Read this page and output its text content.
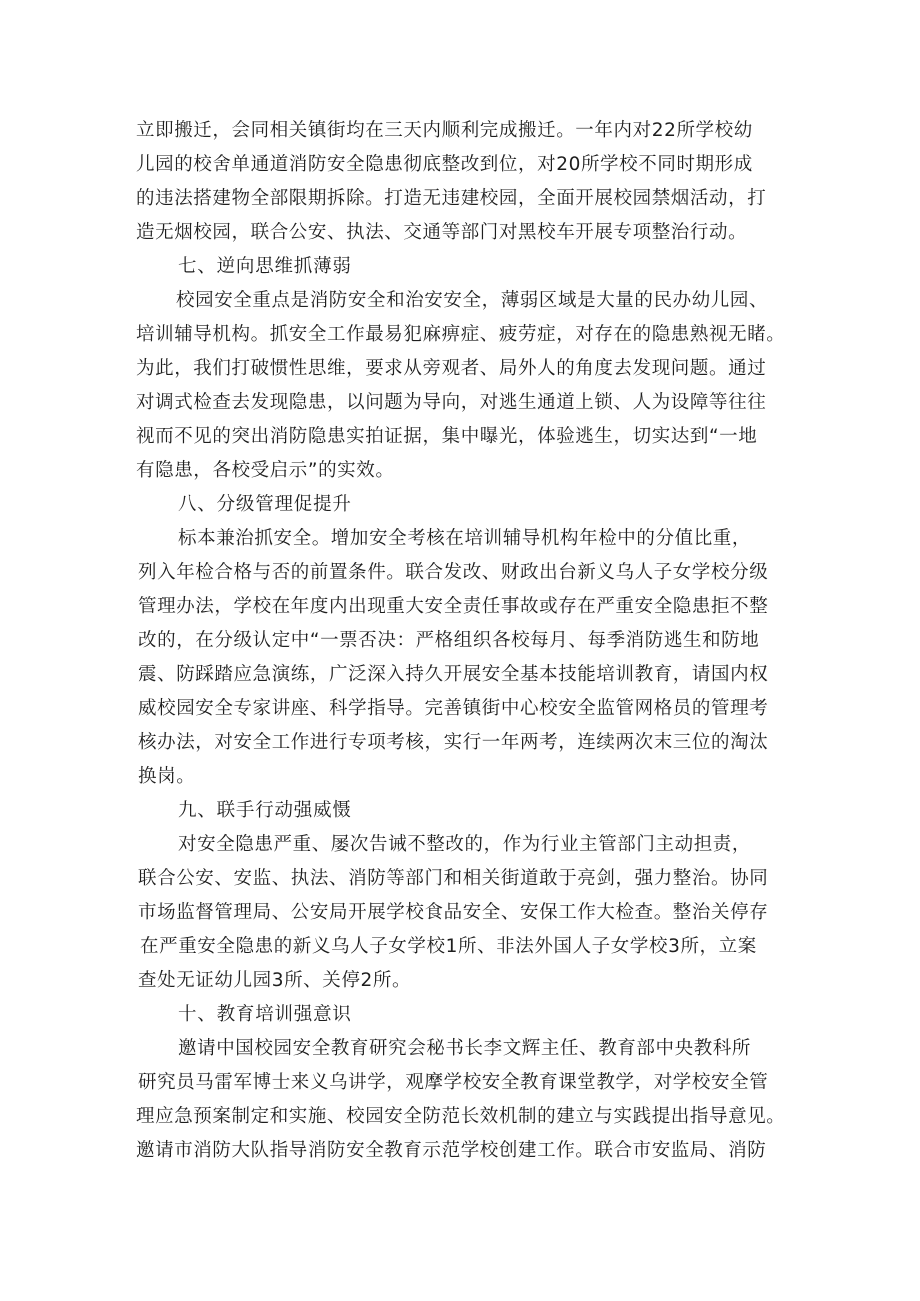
立即搬迁，会同相关镇街均在三天内顺利完成搬迁。一年内对22所学校幼
儿园的校舍单通道消防安全隐患彻底整改到位，对20所学校不同时期形成
的违法搭建物全部限期拆除。打造无违建校园，全面开展校园禁烟活动，打
造无烟校园，联合公安、执法、交通等部门对黑校车开展专项整治行动。
七、逆向思维抓薄弱
校园安全重点是消防安全和治安安全，薄弱区域是大量的民办幼儿园、
培训辅导机构。抓安全工作最易犯麻痹症、疲劳症，对存在的隐患熟视无睹。
为此，我们打破惯性思维，要求从旁观者、局外人的角度去发现问题。通过
对调式检查去发现隐患，以问题为导向，对逃生通道上锁、人为设障等往往
视而不见的突出消防隐患实拍证据，集中曝光，体验逃生，切实达到“一地
有隐患，各校受启示”的实效。
八、分级管理促提升
标本兼治抓安全。增加安全考核在培训辅导机构年检中的分值比重，
列入年检合格与否的前置条件。联合发改、财政出台新义乌人子女学校分级
管理办法，学校在年度内出现重大安全责任事故或存在严重安全隐患拒不整
改的，在分级认定中“一票否决：严格组织各校每月、每季消防逃生和防地
震、防踩踏应急演练，广泛深入持久开展安全基本技能培训教育，请国内权
威校园安全专家讲座、科学指导。完善镇街中心校安全监管网格员的管理考
核办法，对安全工作进行专项考核，实行一年两考，连续两次末三位的淘汰
换岗。
九、联手行动强威慑
对安全隐患严重、屡次告诫不整改的，作为行业主管部门主动担责，
联合公安、安监、执法、消防等部门和相关街道敢于亮剑，强力整治。协同
市场监督管理局、公安局开展学校食品安全、安保工作大检查。整治关停存
在严重安全隐患的新义乌人子女学校1所、非法外国人子女学校3所，立案
查处无证幼儿园3所、关停2所。
十、教育培训强意识
邀请中国校园安全教育研究会秘书长李文辉主任、教育部中央教科所
研究员马雷军博士来义乌讲学，观摩学校安全教育课堂教学，对学校安全管
理应急预案制定和实施、校园安全防范长效机制的建立与实践提出指导意见。
邀请市消防大队指导消防安全教育示范学校创建工作。联合市安监局、消防
